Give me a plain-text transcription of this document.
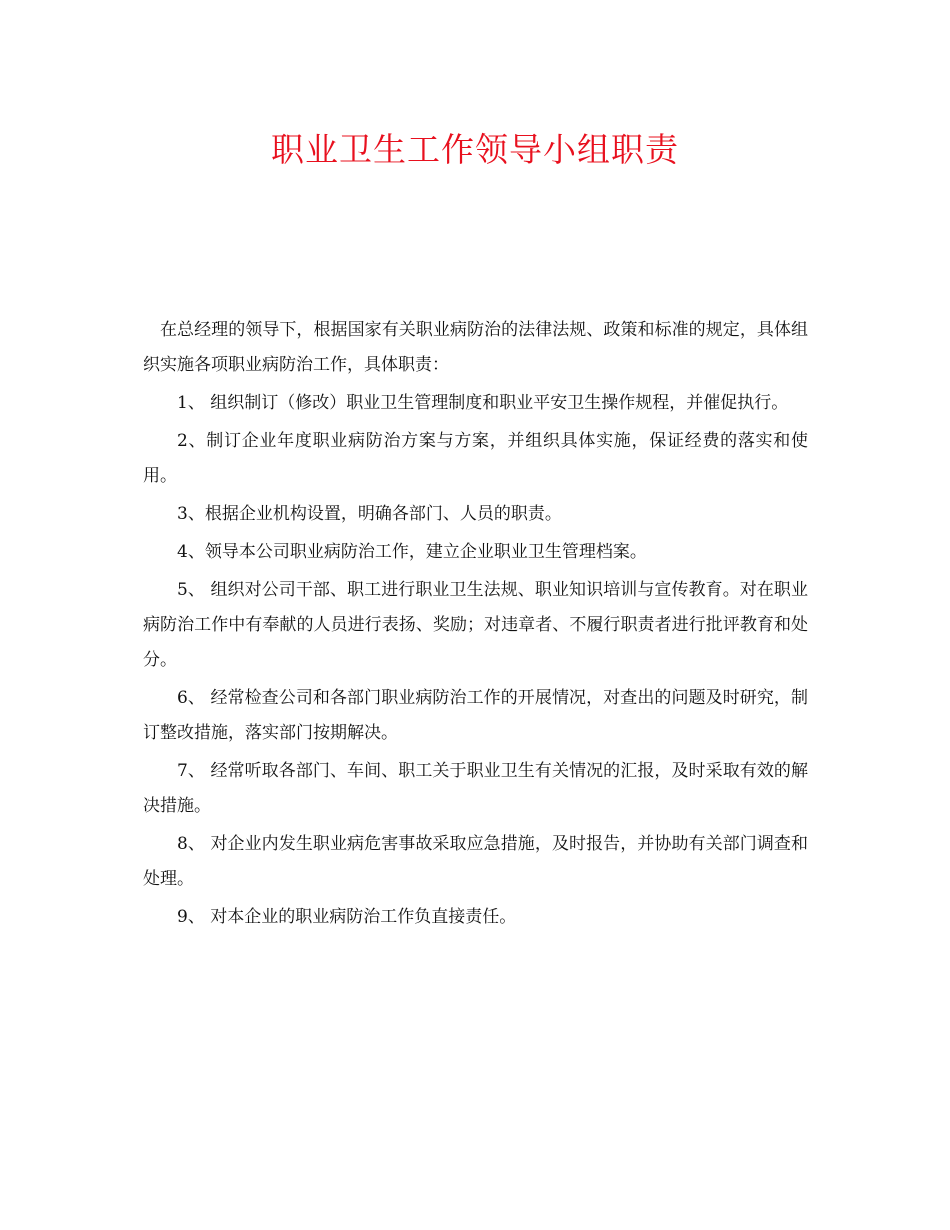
职业卫生工作领导小组职责

在总经理的领导下，根据国家有关职业病防治的法律法规、政策和标准的规定，具体组织实施各项职业病防治工作，具体职责：

1、 组织制订（修改）职业卫生管理制度和职业平安卫生操作规程，并催促执行。

2、制订企业年度职业病防治方案与方案，并组织具体实施，保证经费的落实和使用。

3、根据企业机构设置，明确各部门、人员的职责。

4、领导本公司职业病防治工作，建立企业职业卫生管理档案。

5、 组织对公司干部、职工进行职业卫生法规、职业知识培训与宣传教育。对在职业病防治工作中有奉献的人员进行表扬、奖励；对违章者、不履行职责者进行批评教育和处分。

6、 经常检查公司和各部门职业病防治工作的开展情况，对查出的问题及时研究，制订整改措施，落实部门按期解决。

7、 经常听取各部门、车间、职工关于职业卫生有关情况的汇报，及时采取有效的解决措施。

8、 对企业内发生职业病危害事故采取应急措施，及时报告，并协助有关部门调查和处理。

9、 对本企业的职业病防治工作负直接责任。
